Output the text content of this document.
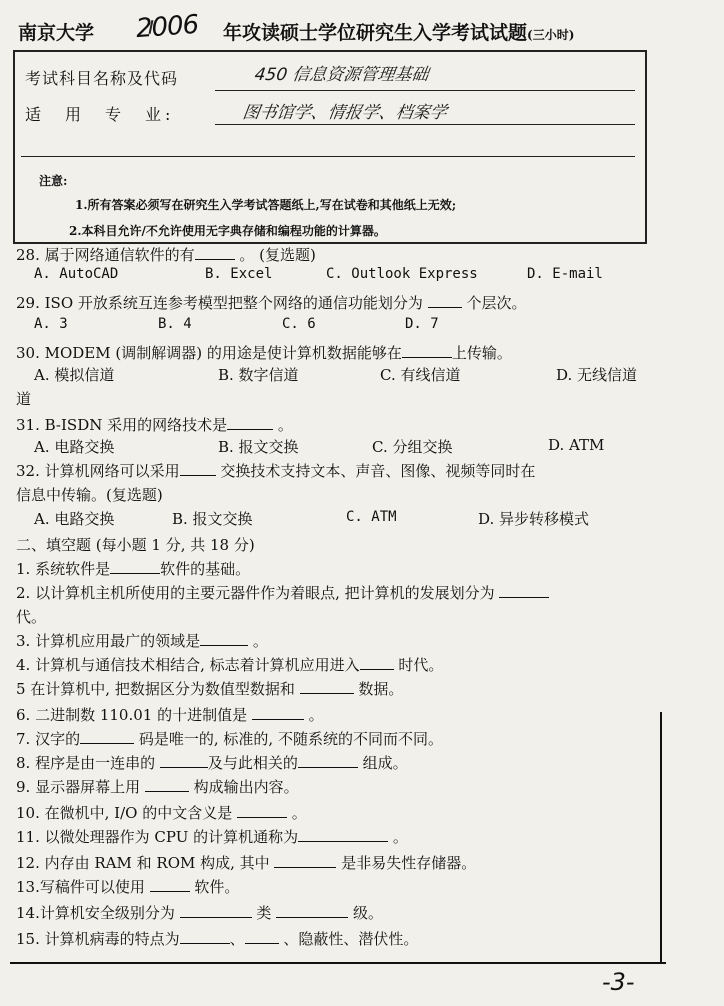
南京大学 2006 年攻读硕士学位研究生入学考试试题(三小时)
考试科目名称及代码	450 信息资源管理基础
适　用　专　业:	图书馆学、情报学、档案学
注意:
1.所有答案必须写在研究生入学考试答题纸上,写在试卷和其他纸上无效;
2.本科目允许/不允许使用无字典存储和编程功能的计算器。
28. 属于网络通信软件的有	。 (复选题)
A. AutoCAD	B. Excel	C. Outlook Express	D. E-mail
29. ISO 开放系统互连参考模型把整个网络的通信功能划分为	个层次。
A. 3	B. 4	C. 6	D. 7
30. MODEM (调制解调器) 的用途是使计算机数据能够在	上传输。
A. 模拟信道	B. 数字信道	C. 有线信道	D. 无线信道
道
31. B-ISDN 采用的网络技术是	。
A. 电路交换	B. 报文交换	C. 分组交换	D. ATM
32. 计算机网络可以采用	交换技术支持文本、声音、图像、视频等同时在
信息中传输。(复选题)
A. 电路交换	B. 报文交换	C. ATM	D. 异步转移模式
二、填空题 (每小题 1 分, 共 18 分)
1. 系统软件是	软件的基础。
2. 以计算机主机所使用的主要元器件作为着眼点, 把计算机的发展划分为
代。
3. 计算机应用最广的领域是	。
4. 计算机与通信技术相结合, 标志着计算机应用进入	时代。
5 在计算机中, 把数据区分为数值型数据和	数据。
6. 二进制数 110.01 的十进制值是	。
7. 汉字的	码是唯一的, 标准的, 不随系统的不同而不同。
8. 程序是由一连串的	及与此相关的	组成。
9. 显示器屏幕上用	构成输出内容。
10. 在微机中, I/O 的中文含义是	。
11. 以微处理器作为 CPU 的计算机通称为	。
12. 内存由 RAM 和 ROM 构成, 其中	是非易失性存储器。
13.写稿件可以使用	软件。
14.计算机安全级别分为	类	级。
15. 计算机病毒的特点为	、	、隐蔽性、潜伏性。
-3-
